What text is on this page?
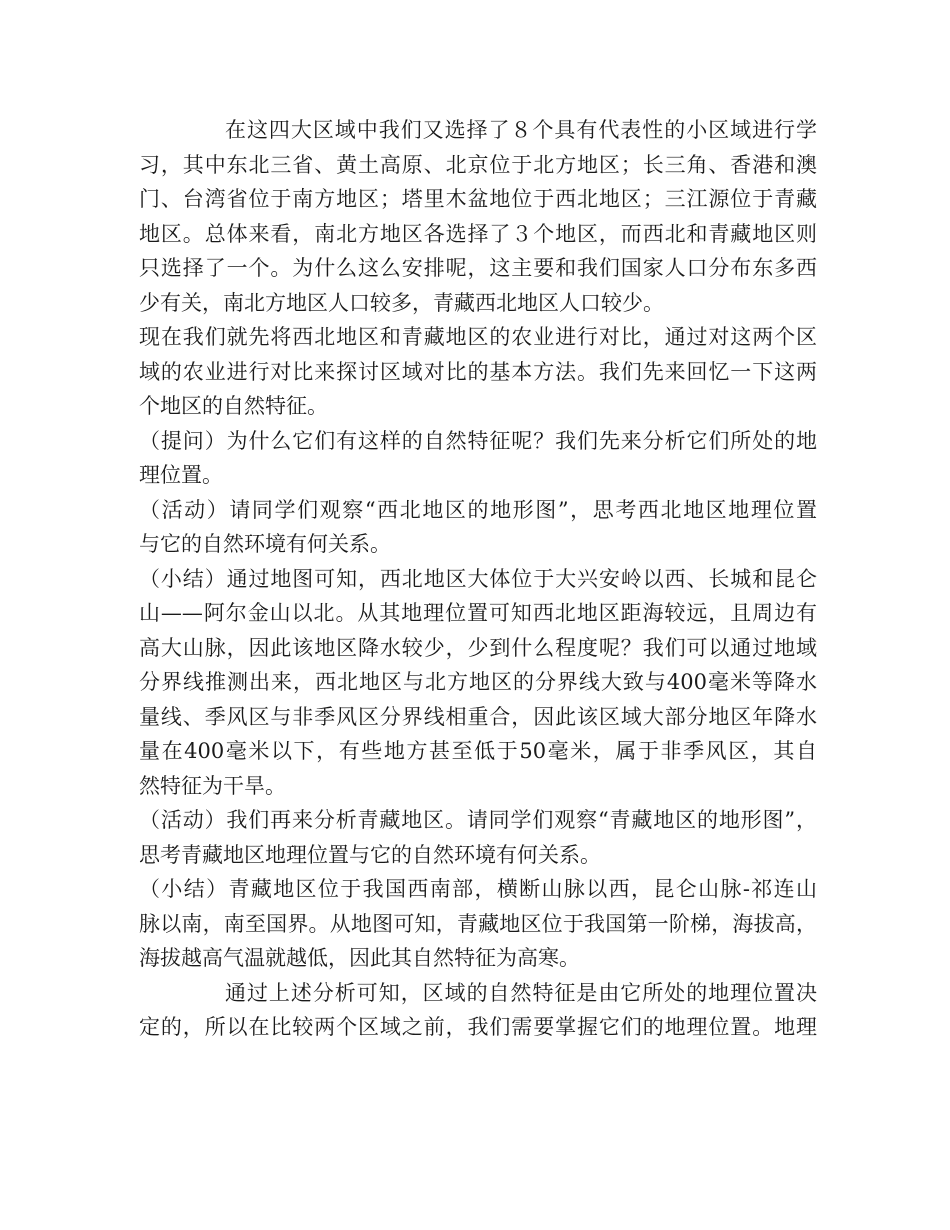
在这四大区域中我们又选择了８个具有代表性的小区域进行学
习，其中东北三省、黄土高原、北京位于北方地区；长三角、香港和澳
门、台湾省位于南方地区；塔里木盆地位于西北地区；三江源位于青藏
地区。总体来看，南北方地区各选择了３个地区，而西北和青藏地区则
只选择了一个。为什么这么安排呢，这主要和我们国家人口分布东多西
少有关，南北方地区人口较多，青藏西北地区人口较少。
现在我们就先将西北地区和青藏地区的农业进行对比，通过对这两个区
域的农业进行对比来探讨区域对比的基本方法。我们先来回忆一下这两
个地区的自然特征。
（提问）为什么它们有这样的自然特征呢？我们先来分析它们所处的地
理位置。
（活动）请同学们观察“西北地区的地形图”，思考西北地区地理位置
与它的自然环境有何关系。
（小结）通过地图可知，西北地区大体位于大兴安岭以西、长城和昆仑
山——阿尔金山以北。从其地理位置可知西北地区距海较远，且周边有
高大山脉，因此该地区降水较少，少到什么程度呢？我们可以通过地域
分界线推测出来，西北地区与北方地区的分界线大致与400毫米等降水
量线、季风区与非季风区分界线相重合，因此该区域大部分地区年降水
量在400毫米以下，有些地方甚至低于50毫米，属于非季风区，其自
然特征为干旱。
（活动）我们再来分析青藏地区。请同学们观察“青藏地区的地形图”，
思考青藏地区地理位置与它的自然环境有何关系。
（小结）青藏地区位于我国西南部，横断山脉以西，昆仑山脉-祁连山
脉以南，南至国界。从地图可知，青藏地区位于我国第一阶梯，海拔高，
海拔越高气温就越低，因此其自然特征为高寒。
通过上述分析可知，区域的自然特征是由它所处的地理位置决
定的，所以在比较两个区域之前，我们需要掌握它们的地理位置。地理
